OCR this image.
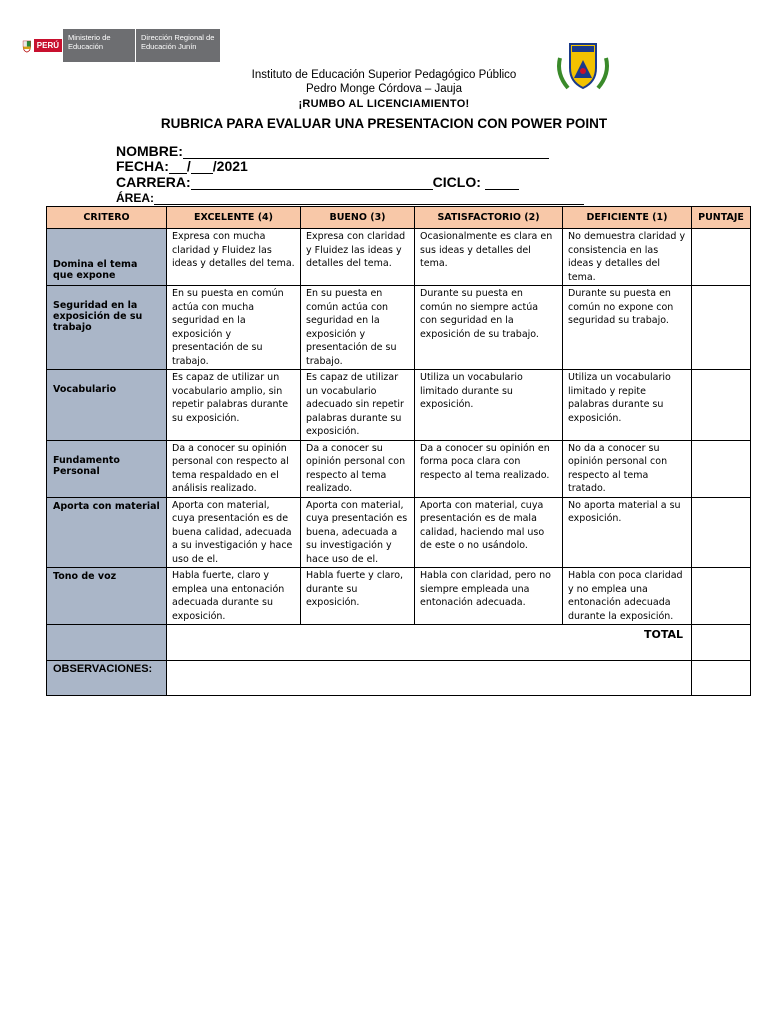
PERÚ
Ministerio de Educación
Dirección Regional de Educación Junín
Instituto de Educación Superior Pedagógico Público
Pedro Monge Córdova – Jauja
¡RUMBO AL LICENCIAMIENTO!
RUBRICA PARA EVALUAR UNA PRESENTACION CON POWER POINT
NOMBRE:
FECHA: / /2021
CARRERA:	CICLO:
ÁREA:
CRITERO	EXCELENTE (4)	BUENO (3)	SATISFACTORIO (2)	DEFICIENTE (1)	PUNTAJE
Domina el tema que expone	Expresa con mucha claridad y Fluidez las ideas y detalles del tema.	Expresa con claridad y Fluidez las ideas y detalles del tema.	Ocasionalmente es clara en sus ideas y detalles del tema.	No demuestra claridad y consistencia en las ideas y detalles del tema.	
Seguridad en la exposición de su trabajo	En su puesta en común actúa con mucha seguridad en la exposición y presentación de su trabajo.	En su puesta en común actúa con seguridad en la exposición y presentación de su trabajo.	Durante su puesta en común no siempre actúa con seguridad en la exposición de su trabajo.	Durante su puesta en común no expone con seguridad su trabajo.	
Vocabulario	Es capaz de utilizar un vocabulario amplio, sin repetir palabras durante su exposición.	Es capaz de utilizar un vocabulario adecuado sin repetir palabras durante su exposición.	Utiliza un vocabulario limitado durante su exposición.	Utiliza un vocabulario limitado y repite palabras durante su exposición.	
Fundamento Personal	Da a conocer su opinión personal con respecto al tema respaldado en el análisis realizado.	Da a conocer su opinión personal con respecto al tema realizado.	Da a conocer su opinión en forma poca clara con respecto al tema realizado.	No da a conocer su opinión personal con respecto al tema tratado.	
Aporta con material	Aporta con material, cuya presentación es de buena calidad, adecuada a su investigación y hace uso de el.	Aporta con material, cuya presentación es buena, adecuada a su investigación y hace uso de el.	Aporta con material, cuya presentación es de mala calidad, haciendo mal uso de este o no usándolo.	No aporta material a su exposición.	
Tono de voz	Habla fuerte, claro y emplea una entonación adecuada durante su exposición.	Habla fuerte y claro, durante su exposición.	Habla con claridad, pero no siempre empleada una entonación adecuada.	Habla con poca claridad y no emplea una entonación adecuada durante la exposición.	
	TOTAL				
OBSERVACIONES:					
